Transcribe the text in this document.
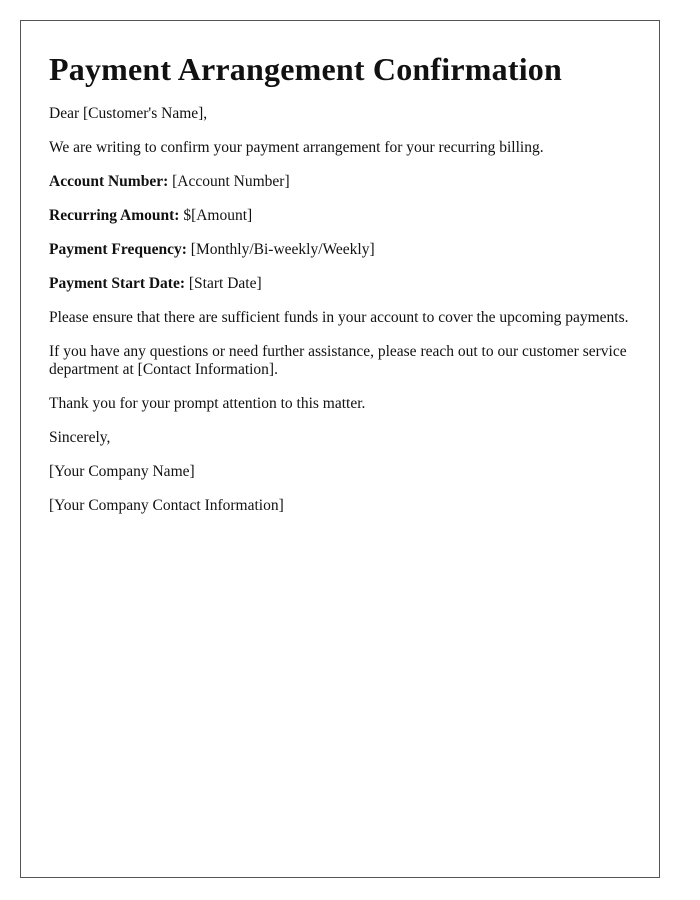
Payment Arrangement Confirmation

Dear [Customer's Name],

We are writing to confirm your payment arrangement for your recurring billing.

Account Number: [Account Number]

Recurring Amount: $[Amount]

Payment Frequency: [Monthly/Bi-weekly/Weekly]

Payment Start Date: [Start Date]

Please ensure that there are sufficient funds in your account to cover the upcoming payments.

If you have any questions or need further assistance, please reach out to our customer service department at [Contact Information].

Thank you for your prompt attention to this matter.

Sincerely,

[Your Company Name]

[Your Company Contact Information]
